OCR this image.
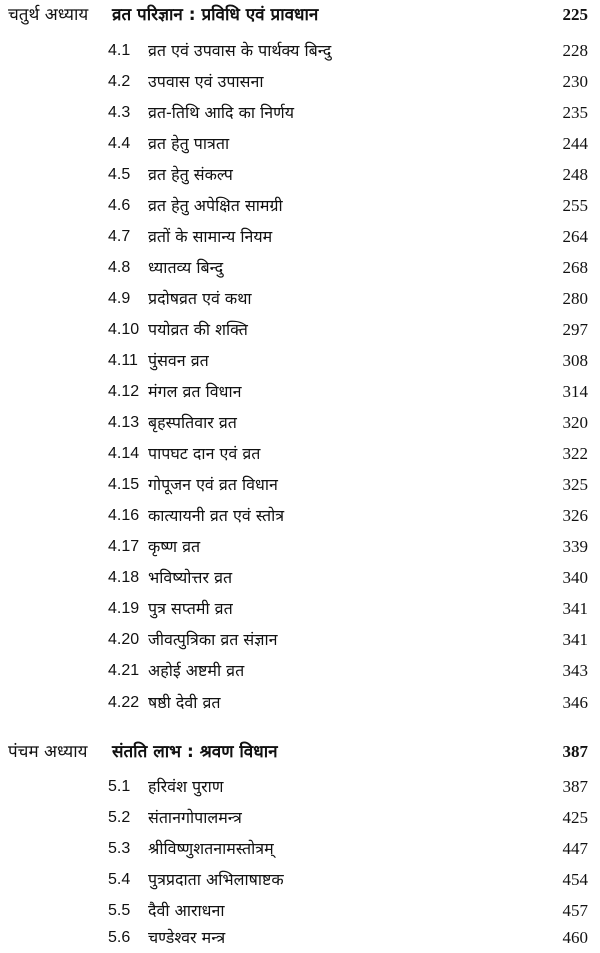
चतुर्थ अध्याय व्रत परिज्ञान : प्रविधि एवं प्रावधान	225
4.1 व्रत एवं उपवास के पार्थक्य बिन्दु	228
4.2 उपवास एवं उपासना	230
4.3 व्रत-तिथि आदि का निर्णय	235
4.4 व्रत हेतु पात्रता	244
4.5 व्रत हेतु संकल्प	248
4.6 व्रत हेतु अपेक्षित सामग्री	255
4.7 व्रतों के सामान्य नियम	264
4.8 ध्यातव्य बिन्दु	268
4.9 प्रदोषव्रत एवं कथा	280
4.10 पयोव्रत की शक्ति	297
4.11 पुंसवन व्रत	308
4.12 मंगल व्रत विधान	314
4.13 बृहस्पतिवार व्रत	320
4.14 पापघट दान एवं व्रत	322
4.15 गोपूजन एवं व्रत विधान	325
4.16 कात्यायनी व्रत एवं स्तोत्र	326
4.17 कृष्ण व्रत	339
4.18 भविष्योत्तर व्रत	340
4.19 पुत्र सप्तमी व्रत	341
4.20 जीवत्पुत्रिका व्रत संज्ञान	341
4.21 अहोई अष्टमी व्रत	343
4.22 षष्ठी देवी व्रत	346
पंचम अध्याय संतति लाभ : श्रवण विधान	387
5.1 हरिवंश पुराण	387
5.2 संतानगोपालमन्त्र	425
5.3 श्रीविष्णुशतनामस्तोत्रम्	447
5.4 पुत्रप्रदाता अभिलाषाष्टक	454
5.5 दैवी आराधना	457
5.6 चण्डेश्वर मन्त्र	460
